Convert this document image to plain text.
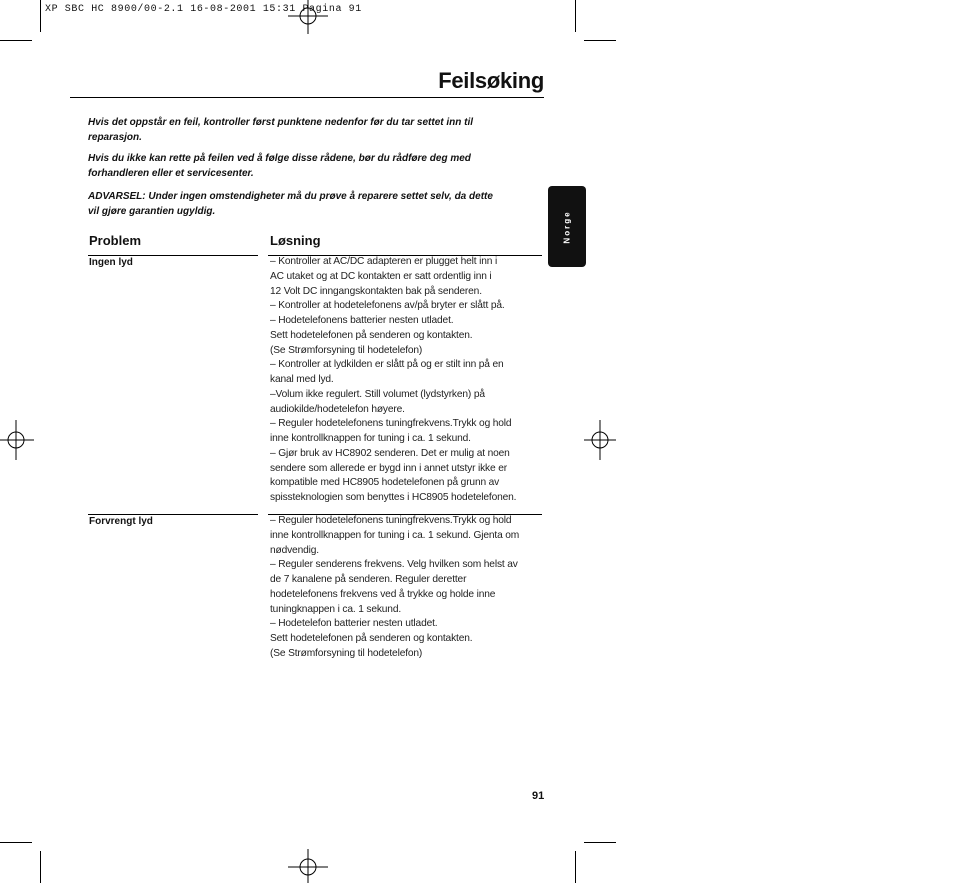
XP SBC HC 8900/00-2.1 16-08-2001 15:31 Pagina 91
Feilsøking
Hvis det oppstår en feil, kontroller først punktene nedenfor før du tar settet inn til
reparasjon.
Hvis du ikke kan rette på feilen ved å følge disse rådene, bør du rådføre deg med
forhandleren eller et servicesenter.
ADVARSEL: Under ingen omstendigheter må du prøve å reparere settet selv, da dette
vil gjøre garantien ugyldig.	Norge
Problem	Løsning
Ingen lyd	– Kontroller at AC/DC adapteren er plugget helt inn i
AC utaket og at DC kontakten er satt ordentlig inn i
12 Volt DC inngangskontakten bak på senderen.
– Kontroller at hodetelefonens av/på bryter er slått på.
– Hodetelefonens batterier nesten utladet.
Sett hodetelefonen på senderen og kontakten.
(Se Strømforsyning til hodetelefon)
– Kontroller at lydkilden er slått på og er stilt inn på en
kanal med lyd.
–Volum ikke regulert. Still volumet (lydstyrken) på
audiokilde/hodetelefon høyere.
– Reguler hodetelefonens tuningfrekvens.Trykk og hold
inne kontrollknappen for tuning i ca. 1 sekund.
– Gjør bruk av HC8902 senderen. Det er mulig at noen
sendere som allerede er bygd inn i annet utstyr ikke er
kompatible med HC8905 hodetelefonen på grunn av
spissteknologien som benyttes i HC8905 hodetelefonen.
Forvrengt lyd	– Reguler hodetelefonens tuningfrekvens.Trykk og hold
inne kontrollknappen for tuning i ca. 1 sekund. Gjenta om
nødvendig.
– Reguler senderens frekvens. Velg hvilken som helst av
de 7 kanalene på senderen. Reguler deretter
hodetelefonens frekvens ved å trykke og holde inne
tuningknappen i ca. 1 sekund.
– Hodetelefon batterier nesten utladet.
Sett hodetelefonen på senderen og kontakten.
(Se Strømforsyning til hodetelefon)
91
